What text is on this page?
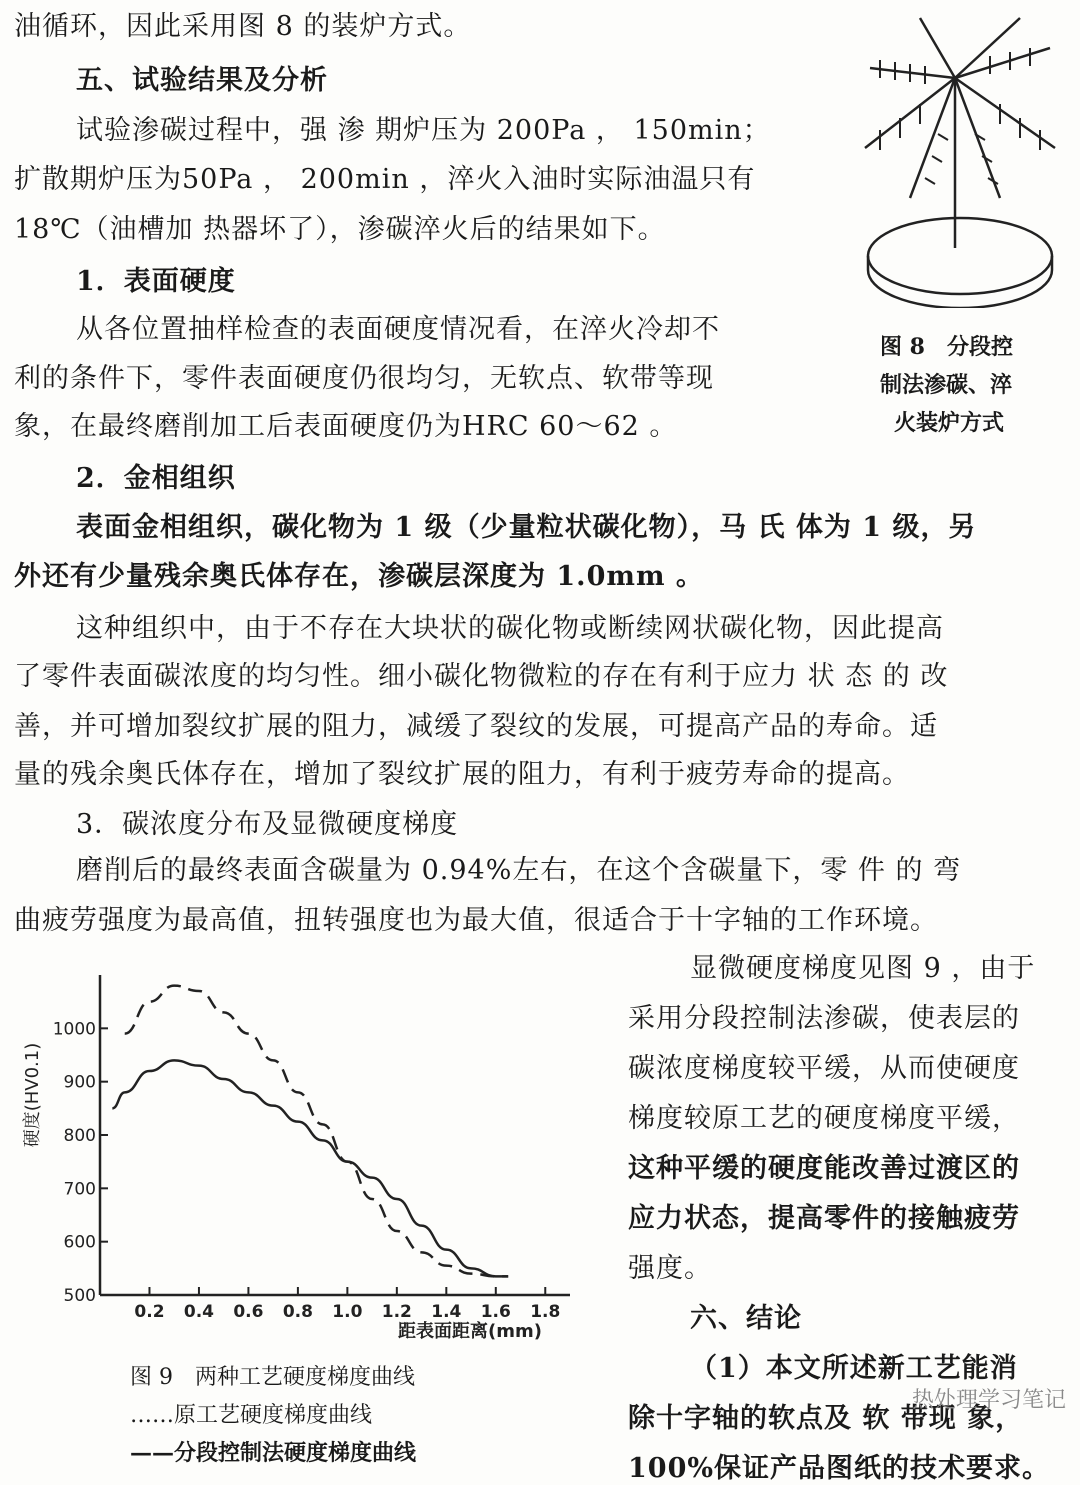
油循环，因此采用图 8 的装炉方式。
五、试验结果及分析
试验渗碳过程中，强 渗 期炉压为 200Pa ， 150min；
扩散期炉压为50Pa ， 200min ，淬火入油时实际油温只有
18℃（油槽加 热器坏了），渗碳淬火后的结果如下。
1．表面硬度
从各位置抽样检查的表面硬度情况看，在淬火冷却不
利的条件下，零件表面硬度仍很均匀，无软点、软带等现
象，在最终磨削加工后表面硬度仍为HRC 60～62 。
2．金相组织
表面金相组织，碳化物为 1 级（少量粒状碳化物），马 氏 体为 1 级，另
外还有少量残余奥氏体存在，渗碳层深度为 1.0mm 。
这种组织中，由于不存在大块状的碳化物或断续网状碳化物，因此提高
了零件表面碳浓度的均匀性。细小碳化物微粒的存在有利于应力 状 态 的 改
善，并可增加裂纹扩展的阻力，减缓了裂纹的发展，可提高产品的寿命。适
量的残余奥氏体存在，增加了裂纹扩展的阻力，有利于疲劳寿命的提高。
3．碳浓度分布及显微硬度梯度
磨削后的最终表面含碳量为 0.94%左右，在这个含碳量下，零 件 的 弯
曲疲劳强度为最高值，扭转强度也为最大值，很适合于十字轴的工作环境。
显微硬度梯度见图 9 ，由于
采用分段控制法渗碳，使表层的
碳浓度梯度较平缓，从而使硬度
梯度较原工艺的硬度梯度平缓，
这种平缓的硬度能改善过渡区的
应力状态，提高零件的接触疲劳
强度。
六、结论
（1）本文所述新工艺能消
除十字轴的软点及 软 带现 象，
100%保证产品图纸的技术要求。
图 8　分段控
制法渗碳、淬
火装炉方式
500
600
700
800
900
1000
0.2 0.4 0.6 0.8 1.0 1.2 1.4 1.6 1.8
硬度(HV0.1)
距表面距离(mm)
图 9　两种工艺硬度梯度曲线
……原工艺硬度梯度曲线
——分段控制法硬度梯度曲线
热处理学习笔记
